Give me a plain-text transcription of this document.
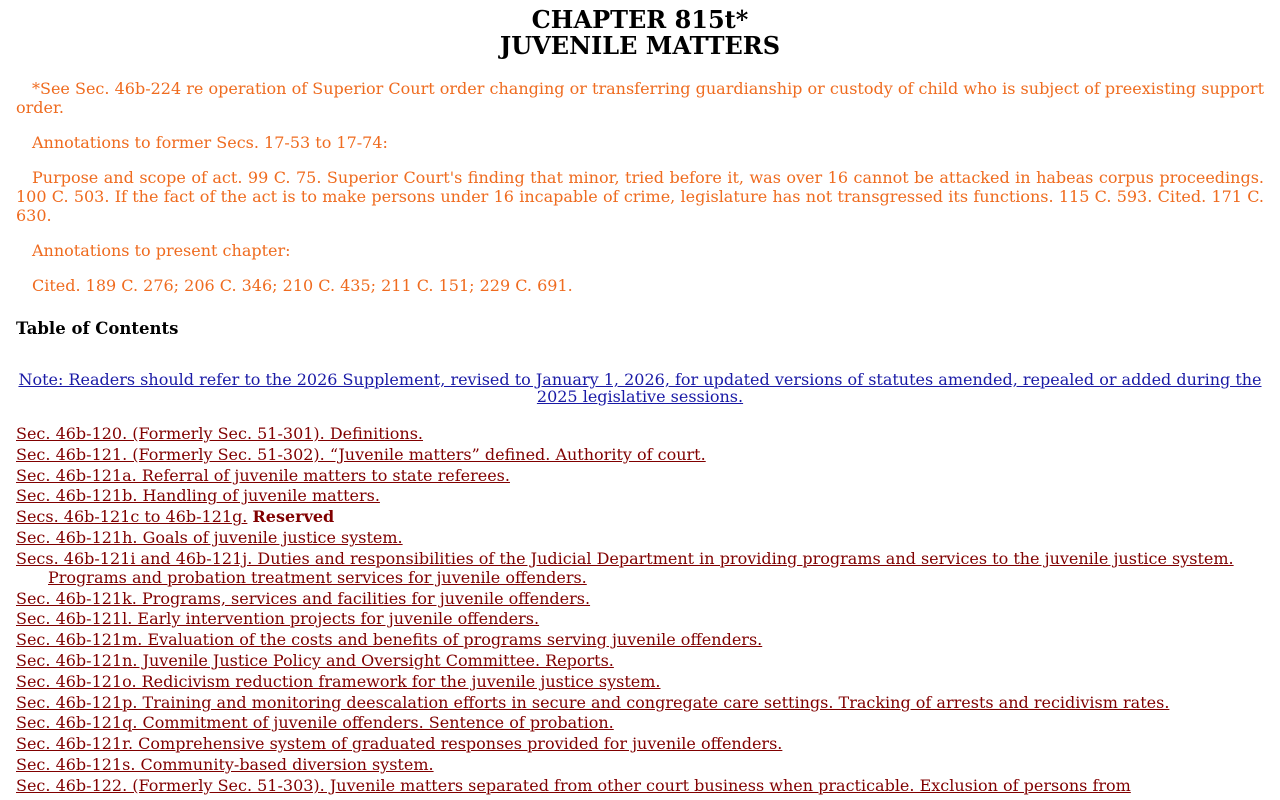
CHAPTER 815t*
JUVENILE MATTERS

*See Sec. 46b-224 re operation of Superior Court order changing or transferring guardianship or custody of child who is subject of preexisting support order.

Annotations to former Secs. 17-53 to 17-74:

Purpose and scope of act. 99 C. 75. Superior Court's finding that minor, tried before it, was over 16 cannot be attacked in habeas corpus proceedings. 100 C. 503. If the fact of the act is to make persons under 16 incapable of crime, legislature has not transgressed its functions. 115 C. 593. Cited. 171 C. 630.

Annotations to present chapter:

Cited. 189 C. 276; 206 C. 346; 210 C. 435; 211 C. 151; 229 C. 691.

Table of Contents

Note: Readers should refer to the 2026 Supplement, revised to January 1, 2026, for updated versions of statutes amended, repealed or added during the 2025 legislative sessions.

Sec. 46b-120. (Formerly Sec. 51-301). Definitions.
Sec. 46b-121. (Formerly Sec. 51-302). “Juvenile matters” defined. Authority of court.
Sec. 46b-121a. Referral of juvenile matters to state referees.
Sec. 46b-121b. Handling of juvenile matters.
Secs. 46b-121c to 46b-121g. Reserved
Sec. 46b-121h. Goals of juvenile justice system.
Secs. 46b-121i and 46b-121j. Duties and responsibilities of the Judicial Department in providing programs and services to the juvenile justice system. Programs and probation treatment services for juvenile offenders.
Sec. 46b-121k. Programs, services and facilities for juvenile offenders.
Sec. 46b-121l. Early intervention projects for juvenile offenders.
Sec. 46b-121m. Evaluation of the costs and benefits of programs serving juvenile offenders.
Sec. 46b-121n. Juvenile Justice Policy and Oversight Committee. Reports.
Sec. 46b-121o. Redicivism reduction framework for the juvenile justice system.
Sec. 46b-121p. Training and monitoring deescalation efforts in secure and congregate care settings. Tracking of arrests and recidivism rates.
Sec. 46b-121q. Commitment of juvenile offenders. Sentence of probation.
Sec. 46b-121r. Comprehensive system of graduated responses provided for juvenile offenders.
Sec. 46b-121s. Community-based diversion system.
Sec. 46b-122. (Formerly Sec. 51-303). Juvenile matters separated from other court business when practicable. Exclusion of persons from
